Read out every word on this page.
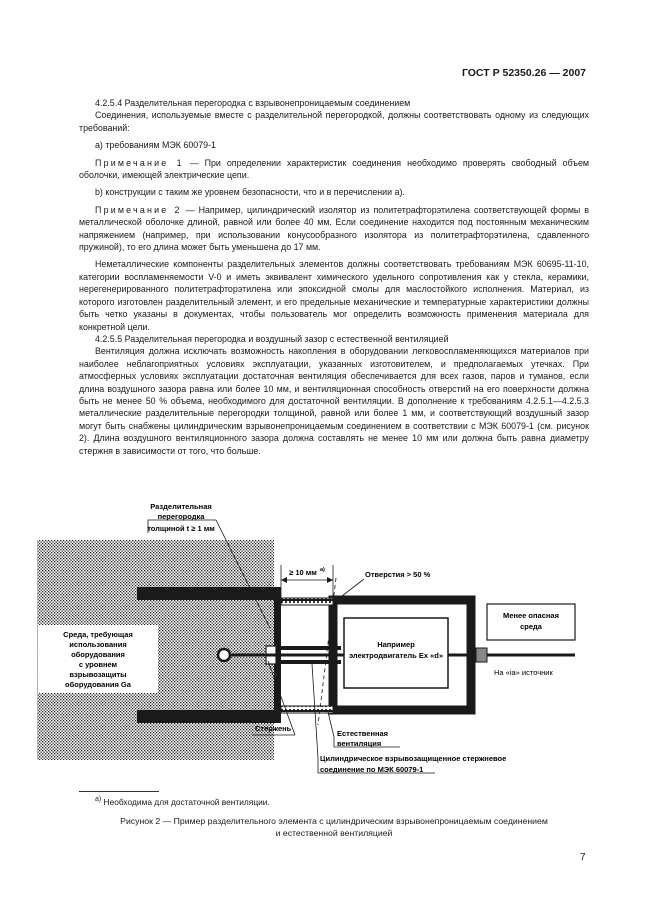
ГОСТ Р 52350.26 — 2007

4.2.5.4 Разделительная перегородка с взрывонепроницаемым соединением

Соединения, используемые вместе с разделительной перегородкой, должны соответствовать одному из следующих требований:

a) требованиям МЭК 60079-1

Примечание 1 — При определении характеристик соединения необходимо проверять свободный объем оболочки, имеющей электрические цепи.

b) конструкции с таким же уровнем безопасности, что и в перечислении а).

Примечание 2 — Например, цилиндрический изолятор из политетрафторэтилена соответствующей формы в металлической оболочке длиной, равной или более 40 мм. Если соединение находится под постоянным механическим напряжением (например, при использовании конусообразного изолятора из политетрафторэтилена, сдавленного пружиной), то его длина может быть уменьшена до 17 мм.

Неметаллические компоненты разделительных элементов должны соответствовать требованиям МЭК 60695-11-10, категории воспламеняемости V-0 и иметь эквивалент химического удельного сопротивления как у стекла, керамики, нерегенерированного политетрафторэтилена или эпоксидной смолы для маслостойкого исполнения. Материал, из которого изготовлен разделительный элемент, и его предельные механические и температурные характеристики должны быть четко указаны в документах, чтобы пользователь мог определить возможность применения материала для конкретной цели.

4.2.5.5 Разделительная перегородка и воздушный зазор с естественной вентиляцией

Вентиляция должна исключать возможность накопления в оборудовании легковоспламеняющихся материалов при наиболее неблагоприятных условиях эксплуатации, указанных изготовителем, и предполагаемых утечках. При атмосферных условиях эксплуатации достаточная вентиляция обеспечивается для всех газов, паров и туманов, если длина воздушного зазора равна или более 10 мм, и вентиляционная способность отверстий на его поверхности должна быть не менее 50 % объема, необходимого для достаточной вентиляции. В дополнение к требованиям 4.2.5.1—4.2.5.3 металлические разделительные перегородки толщиной, равной или более 1 мм, и соответствующий воздушный зазор могут быть снабжены цилиндрическим взрывонепроницаемым соединением в соответствии с МЭК 60079-1 (см. рисунок 2). Длина воздушного вентиляционного зазора должна составлять не менее 10 мм или должна быть равна диаметру стержня в зависимости от того, что больше.

Разделительная
перегородка
толщиной t ≥ 1 мм
≥ 10 мм а)	Отверстия > 50 %
Среда, требующая
использования
оборудования
с уровнем
взрывозащиты
оборудования Ga
Менее опасная
среда
Например
электродвигатель Ex «d»
На «ia» источник
Стержень
Естественная
вентиляция
Цилиндрическое взрывозащищенное стержневое
соединение по МЭК 60079-1
$^{а)}$ Необходима для достаточной вентиляции.
Рисунок 2 — Пример разделительного элемента с цилиндрическим взрывонепроницаемым соединением
и естественной вентиляцией
7
